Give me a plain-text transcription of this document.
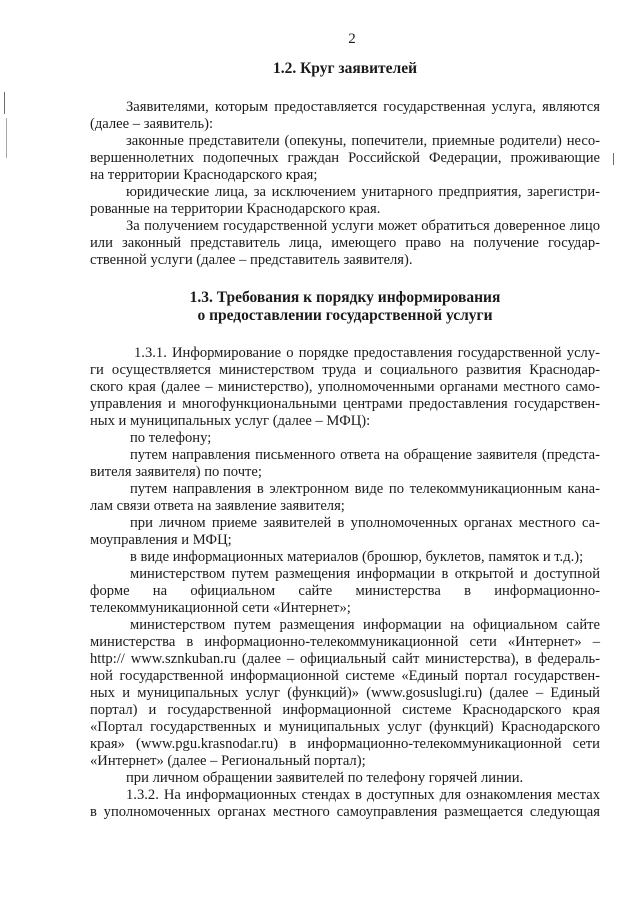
2
1.2. Круг заявителей
Заявителями, которым предоставляется государственная услуга, являются
(далее – заявитель):
законные представители (опекуны, попечители, приемные родители) несо-
вершеннолетних подопечных граждан Российской Федерации, проживающие
на территории Краснодарского края;
юридические лица, за исключением унитарного предприятия, зарегистри-
рованные на территории Краснодарского края.
За получением государственной услуги может обратиться доверенное лицо
или законный представитель лица, имеющего право на получение государ-
ственной услуги (далее – представитель заявителя).
1.3. Требования к порядку информирования
о предоставлении государственной услуги
1.3.1. Информирование о порядке предоставления государственной услу-
ги осуществляется министерством труда и социального развития Краснодар-
ского края (далее – министерство), уполномоченными органами местного само-
управления и многофункциональными центрами предоставления государствен-
ных и муниципальных услуг (далее – МФЦ):
по телефону;
путем направления письменного ответа на обращение заявителя (предста-
вителя заявителя) по почте;
путем направления в электронном виде по телекоммуникационным кана-
лам связи ответа на заявление заявителя;
при личном приеме заявителей в уполномоченных органах местного са-
моуправления и МФЦ;
в виде информационных материалов (брошюр, буклетов, памяток и т.д.);
министерством путем размещения информации в открытой и доступной
форме на официальном сайте министерства в информационно-
телекоммуникационной сети «Интернет»;
министерством путем размещения информации на официальном сайте
министерства в информационно-телекоммуникационной сети «Интернет» –
http:// www.sznkuban.ru (далее – официальный сайт министерства), в федераль-
ной государственной информационной системе «Единый портал государствен-
ных и муниципальных услуг (функций)» (www.gosuslugi.ru) (далее – Единый
портал) и государственной информационной системе Краснодарского края
«Портал государственных и муниципальных услуг (функций) Краснодарского
края» (www.pgu.krasnodar.ru) в информационно-телекоммуникационной сети
«Интернет» (далее – Региональный портал);
при личном обращении заявителей по телефону горячей линии.
1.3.2. На информационных стендах в доступных для ознакомления местах
в уполномоченных органах местного самоуправления размещается следующая
